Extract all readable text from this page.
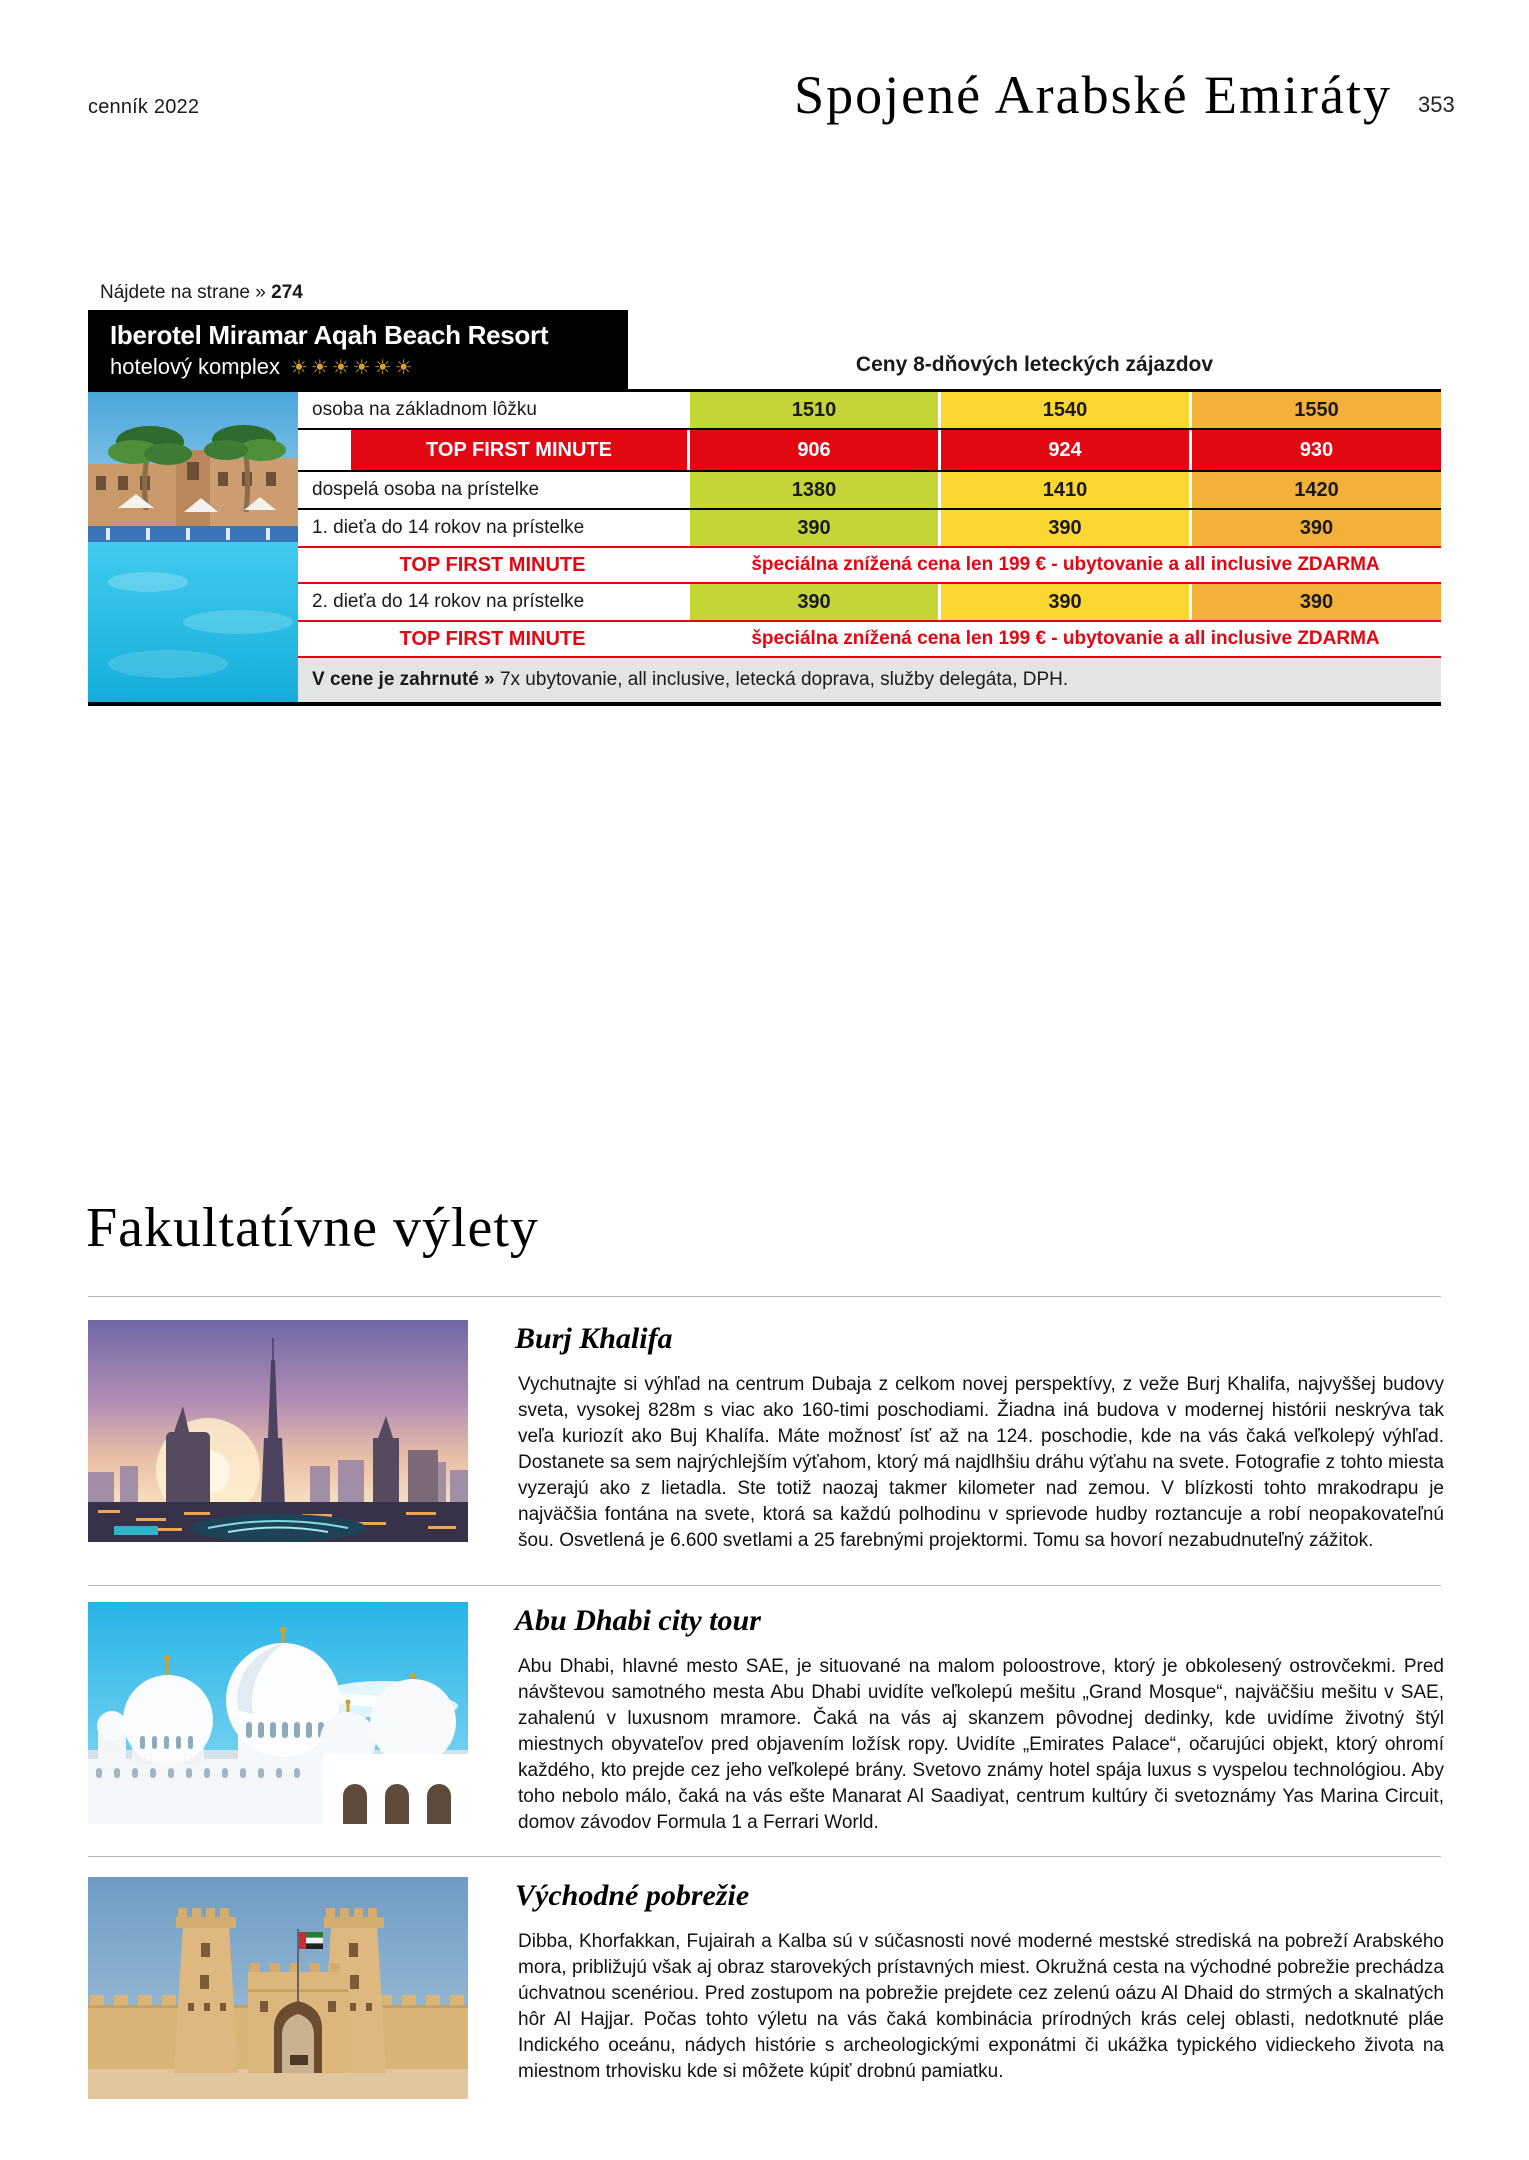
cenník 2022	Spojené Arabské Emiráty 353
Nájdete na strane » 274
Iberotel Miramar Aqah Beach Resort
hotelový komplex ☀☀☀☀☀☀	Ceny 8-dňových leteckých zájazdov
osoba na základnom lôžku	1510	1540	1550
TOP FIRST MINUTE	906	924	930
dospelá osoba na prístelke	1380	1410	1420
1. dieťa do 14 rokov na prístelke	390	390	390
TOP FIRST MINUTE	špeciálna znížená cena len 199 € - ubytovanie a all inclusive ZDARMA
2. dieťa do 14 rokov na prístelke	390	390	390
TOP FIRST MINUTE	špeciálna znížená cena len 199 € - ubytovanie a all inclusive ZDARMA
V cene je zahrnuté » 7x ubytovanie, all inclusive, letecká doprava, služby delegáta, DPH.
Fakultatívne výlety
Burj Khalifa
Vychutnajte si výhľad na centrum Dubaja z celkom novej perspektívy, z veže Burj Khalifa, najvyššej budovy sveta, vysokej 828m s viac ako 160-timi poschodiami. Žiadna iná budova v modernej histórii neskrýva tak veľa kuriozít ako Buj Khalífa. Máte možnosť ísť až na 124. poschodie, kde na vás čaká veľkolepý výhľad. Dostanete sa sem najrýchlejším výťahom, ktorý má najdlhšiu dráhu výťahu na svete. Fotografie z tohto miesta vyzerajú ako z lietadla. Ste totiž naozaj takmer kilometer nad zemou. V blízkosti tohto mrakodrapu je najväčšia fontána na svete, ktorá sa každú polhodinu v sprievode hudby roztancuje a robí neopakovateľnú šou. Osvetlená je 6.600 svetlami a 25 farebnými projektormi. Tomu sa hovorí nezabudnuteľný zážitok.
Abu Dhabi city tour
Abu Dhabi, hlavné mesto SAE, je situované na malom poloostrove, ktorý je obkolesený ostrovčekmi. Pred návštevou samotného mesta Abu Dhabi uvidíte veľkolepú mešitu „Grand Mosque“, najväčšiu mešitu v SAE, zahalenú v luxusnom mramore. Čaká na vás aj skanzem pôvodnej dedinky, kde uvidíme životný štýl miestnych obyvateľov pred objavením ložísk ropy. Uvidíte „Emirates Palace“, očarujúci objekt, ktorý ohromí každého, kto prejde cez jeho veľkolepé brány. Svetovo známy hotel spája luxus s vyspelou technológiou. Aby toho nebolo málo, čaká na vás ešte Manarat Al Saadiyat, centrum kultúry či svetoznámy Yas Marina Circuit, domov závodov Formula 1 a Ferrari World.
Východné pobrežie
Dibba, Khorfakkan, Fujairah a Kalba sú v súčasnosti nové moderné mestské strediská na pobreží Arabského mora, približujú však aj obraz starovekých prístavných miest. Okružná cesta na východné pobrežie prechádza úchvatnou scenériou. Pred zostupom na pobrežie prejdete cez zelenú oázu Al Dhaid do strmých a skalnatých hôr Al Hajjar. Počas tohto výletu na vás čaká kombinácia prírodných krás celej oblasti, nedotknuté pláe Indického oceánu, nádych histórie s archeologickými exponátmi či ukážka typického vidieckeho života na miestnom trhovisku kde si môžete kúpiť drobnú pamiatku.
